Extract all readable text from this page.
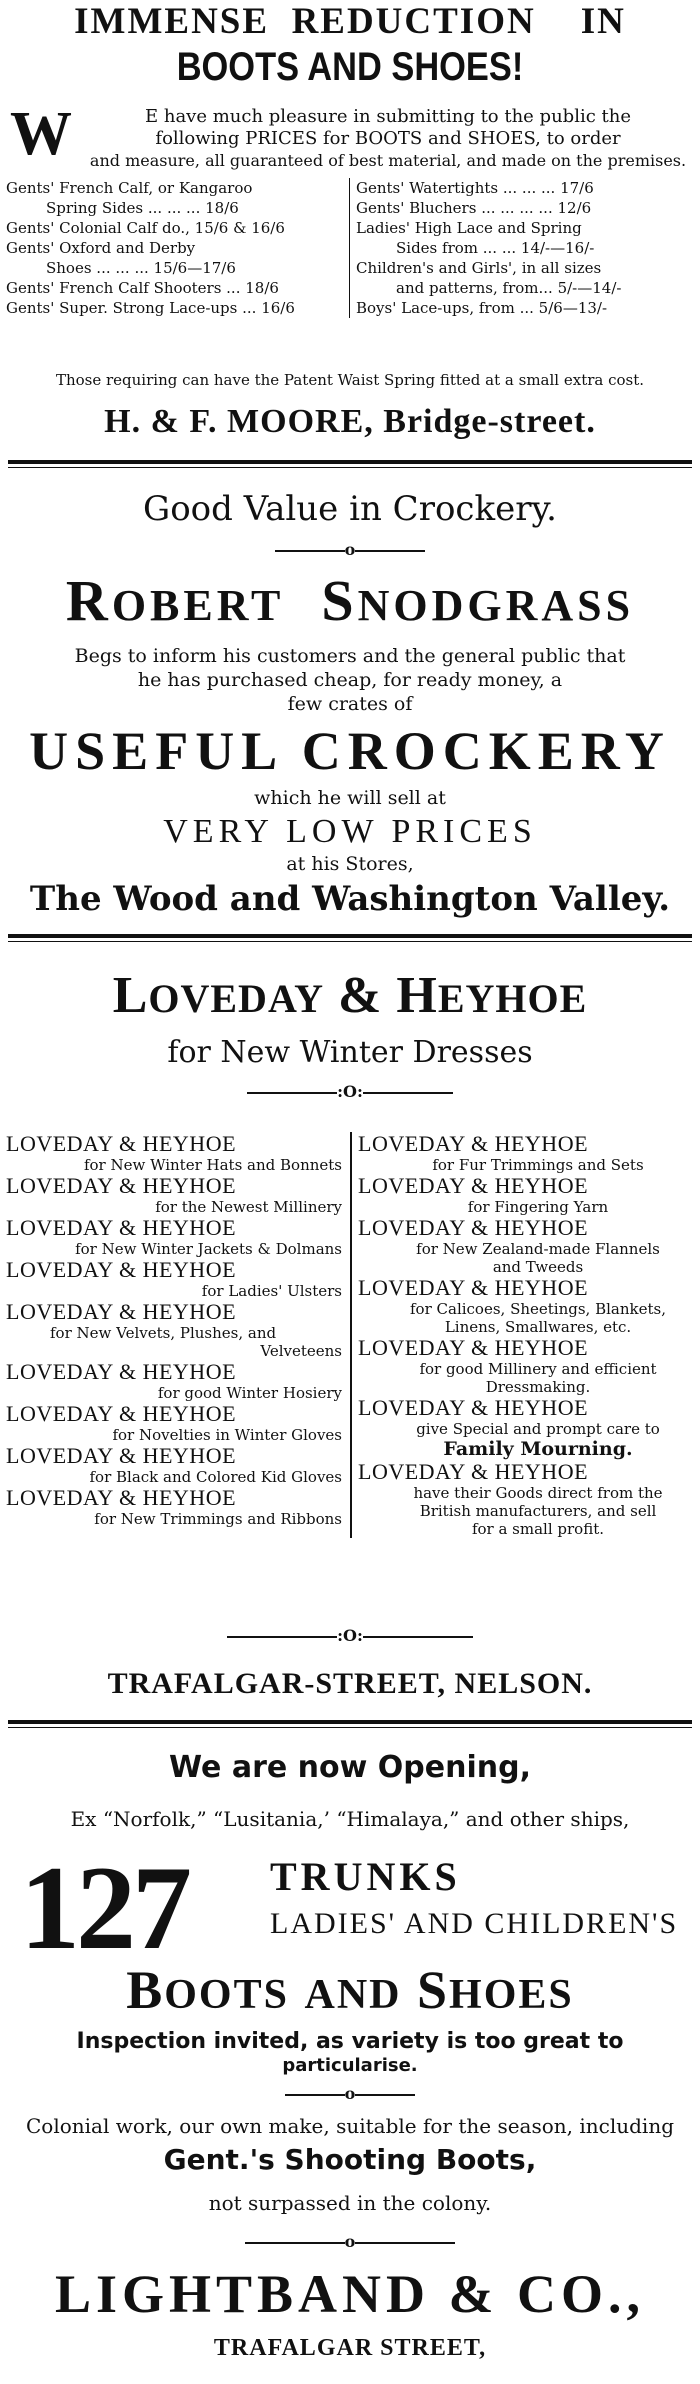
IMMENSE REDUCTION IN
BOOTS AND SHOES!
W	E have much pleasure in submitting to the public the
following PRICES for BOOTS and SHOES, to order
and measure, all guaranteed of best material, and made on the premises.
Gents' French Calf, or Kangaroo
Spring Sides ... ... ... 18/6
Gents' Colonial Calf do., 15/6 & 16/6
Gents' Oxford and Derby
Shoes ... ... ... 15/6—17/6
Gents' French Calf Shooters ... 18/6
Gents' Super. Strong Lace-ups ... 16/6
Gents' Watertights ... ... ... 17/6
Gents' Bluchers ... ... ... ... 12/6
Ladies' High Lace and Spring
Sides from ... ... 14/-—16/-
Children's and Girls', in all sizes
and patterns, from... 5/-—14/-
Boys' Lace-ups, from ... 5/6—13/-
Those requiring can have the Patent Waist Spring fitted at a small extra cost.
H. & F. MOORE, Bridge-street.
Good Value in Crockery.
o
ROBERT SNODGRASS
Begs to inform his customers and the general public that
he has purchased cheap, for ready money, a
few crates of
USEFUL CROCKERY
which he will sell at
VERY LOW PRICES
at his Stores,
The Wood and Washington Valley.
LOVEDAY & HEYHOE
for New Winter Dresses
:O:
LOVEDAY & HEYHOE
for New Winter Hats and Bonnets
LOVEDAY & HEYHOE
for the Newest Millinery
LOVEDAY & HEYHOE
for New Winter Jackets & Dolmans
LOVEDAY & HEYHOE
for Ladies' Ulsters
LOVEDAY & HEYHOE
for New Velvets, Plushes, and
Velveteens
LOVEDAY & HEYHOE
for good Winter Hosiery
LOVEDAY & HEYHOE
for Novelties in Winter Gloves
LOVEDAY & HEYHOE
for Black and Colored Kid Gloves
LOVEDAY & HEYHOE
for New Trimmings and Ribbons
LOVEDAY & HEYHOE
for Fur Trimmings and Sets
LOVEDAY & HEYHOE
for Fingering Yarn
LOVEDAY & HEYHOE
for New Zealand-made Flannels
and Tweeds
LOVEDAY & HEYHOE
for Calicoes, Sheetings, Blankets,
Linens, Smallwares, etc.
LOVEDAY & HEYHOE
for good Millinery and efficient
Dressmaking.
LOVEDAY & HEYHOE
give Special and prompt care to
Family Mourning.
LOVEDAY & HEYHOE
have their Goods direct from the
British manufacturers, and sell
for a small profit.
:O:
TRAFALGAR-STREET, NELSON.
We are now Opening,
Ex “Norfolk,” “Lusitania,’ “Himalaya,” and other ships,
127 TRUNKS
LADIES' AND CHILDREN'S
BOOTS AND SHOES
Inspection invited, as variety is too great to
particularise.
o
Colonial work, our own make, suitable for the season, including
Gent.'s Shooting Boots,
not surpassed in the colony.
o
LIGHTBAND & CO.,
TRAFALGAR STREET,
